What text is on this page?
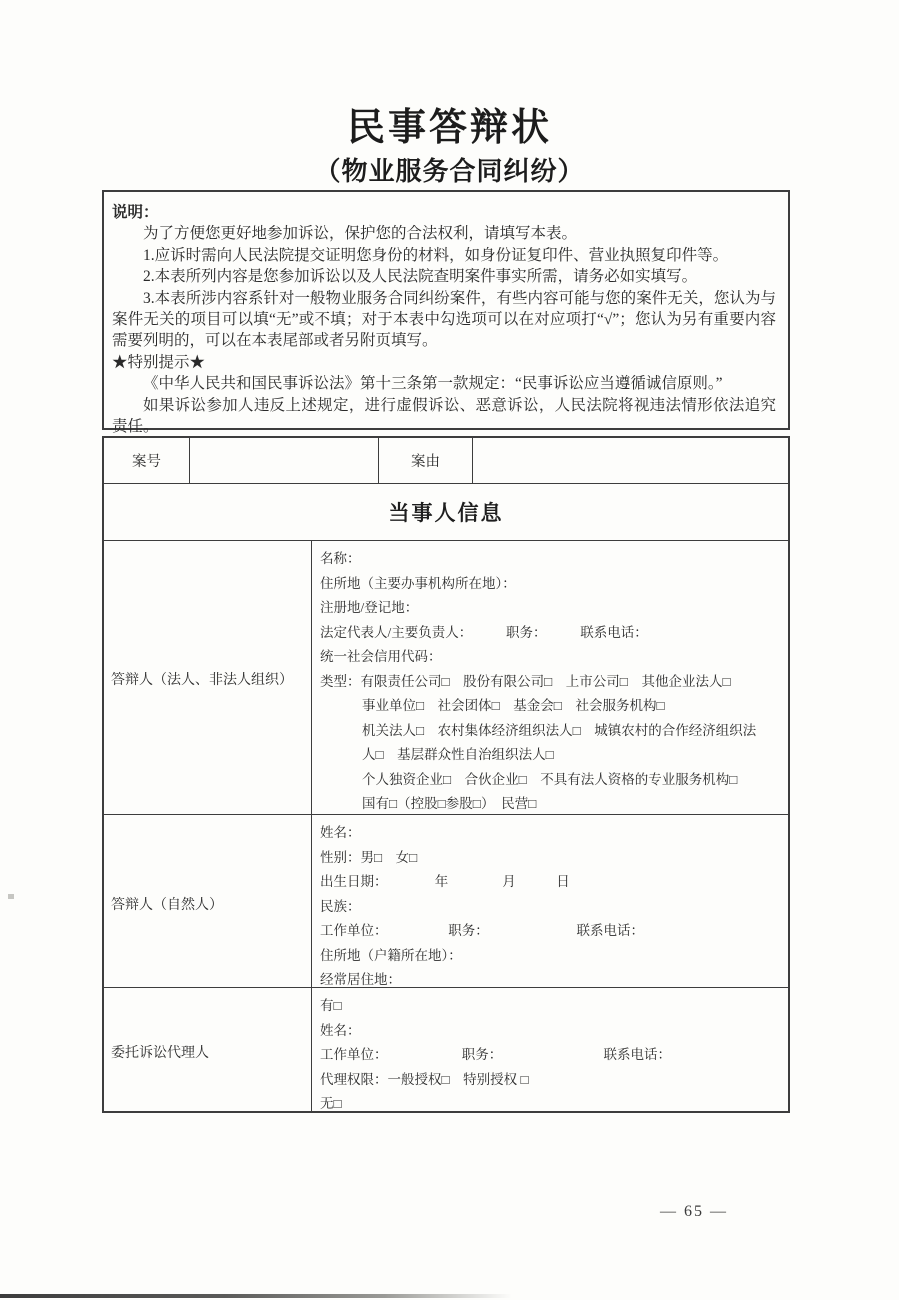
民事答辩状
（物业服务合同纠纷）

说明：

为了方便您更好地参加诉讼，保护您的合法权利，请填写本表。

1.应诉时需向人民法院提交证明您身份的材料，如身份证复印件、营业执照复印件等。

2.本表所列内容是您参加诉讼以及人民法院查明案件事实所需，请务必如实填写。

3.本表所涉内容系针对一般物业服务合同纠纷案件，有些内容可能与您的案件无关，您认为与案件无关的项目可以填“无”或不填；对于本表中勾选项可以在对应项打“√”；您认为另有重要内容需要列明的，可以在本表尾部或者另附页填写。

★特别提示★

《中华人民共和国民事诉讼法》第十三条第一款规定：“民事诉讼应当遵循诚信原则。”

如果诉讼参加人违反上述规定，进行虚假诉讼、恶意诉讼，人民法院将视违法情形依法追究责任。

案号	案由
当事人信息
答辩人（法人、非法人组织）
名称：
住所地（主要办事机构所在地）：
注册地/登记地：
法定代表人/主要负责人：　　　职务：　　　联系电话：
统一社会信用代码：
类型：有限责任公司□　股份有限公司□　上市公司□　其他企业法人□
事业单位□　社会团体□　基金会□　社会服务机构□
机关法人□　农村集体经济组织法人□　城镇农村的合作经济组织法
人□　基层群众性自治组织法人□
个人独资企业□　合伙企业□　不具有法人资格的专业服务机构□
国有□（控股□参股□）　民营□
答辩人（自然人）
姓名：
性别：男□　女□
出生日期：　　　　年　　　　月　　　日
民族：
工作单位：　　　　　职务：　　　　　　　联系电话：
住所地（户籍所在地）：
经常居住地：
委托诉讼代理人
有□
姓名：
工作单位：　　　　　　职务：　　　　　　　　联系电话：
代理权限：一般授权□　特别授权 □
无□
— 65 —
